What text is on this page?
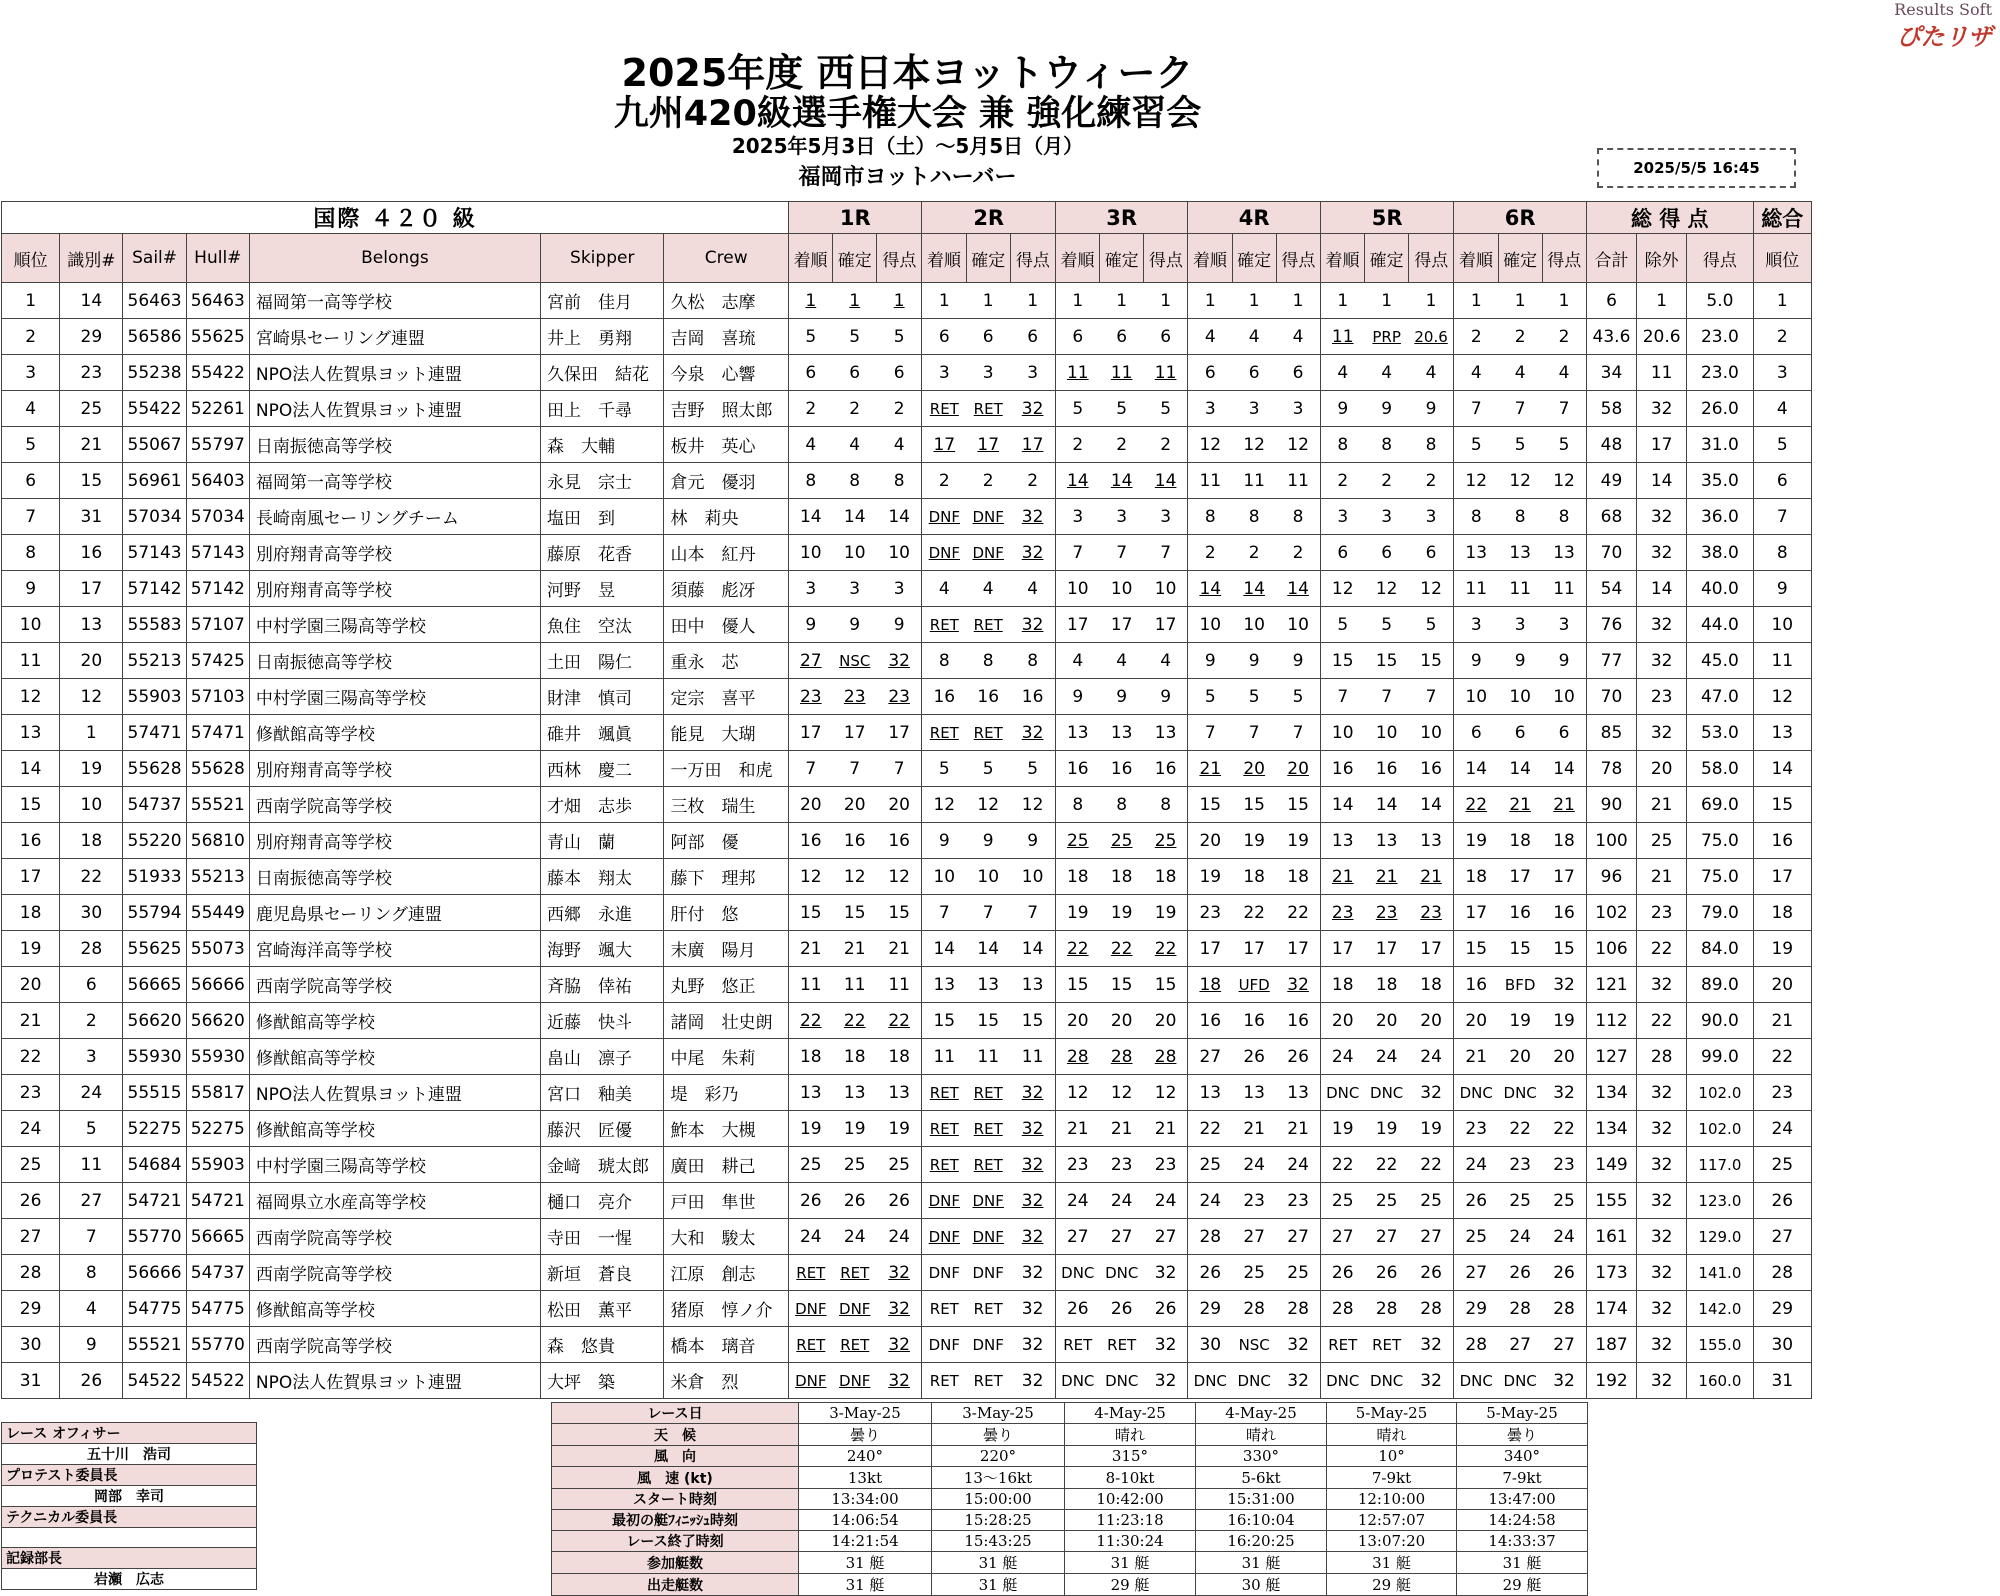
2025年度 西日本ヨットウィーク
九州420級選手権大会 兼 強化練習会
2025年5月3日（土）～5月5日（月）
福岡市ヨットハーバー
Results Soft
ぴたリザ
2025/5/5 16:45
国際 ４２０ 級							1R			2R			3R			4R			5R			6R			総 得 点			総合
順位	識別#	Sail#	Hull#	Belongs	Skipper	Crew	着順	確定	得点	着順	確定	得点	着順	確定	得点	着順	確定	得点	着順	確定	得点	着順	確定	得点	合計	除外	得点	順位
1	14	56463	56463	福岡第一高等学校	宮前　佳月	久松　志摩	1	1	1	1	1	1	1	1	1	1	1	1	1	1	1	1	1	1	6	1	5.0	1
2	29	56586	55625	宮崎県セーリング連盟	井上　勇翔	吉岡　喜琉	5	5	5	6	6	6	6	6	6	4	4	4	11	PRP	20.6	2	2	2	43.6	20.6	23.0	2
3	23	55238	55422	NPO法人佐賀県ヨット連盟	久保田　結花	今泉　心響	6	6	6	3	3	3	11	11	11	6	6	6	4	4	4	4	4	4	34	11	23.0	3
4	25	55422	52261	NPO法人佐賀県ヨット連盟	田上　千尋	吉野　照太郎	2	2	2	RET	RET	32	5	5	5	3	3	3	9	9	9	7	7	7	58	32	26.0	4
5	21	55067	55797	日南振徳高等学校	森　大輔	板井　英心	4	4	4	17	17	17	2	2	2	12	12	12	8	8	8	5	5	5	48	17	31.0	5
6	15	56961	56403	福岡第一高等学校	永見　宗士	倉元　優羽	8	8	8	2	2	2	14	14	14	11	11	11	2	2	2	12	12	12	49	14	35.0	6
7	31	57034	57034	長崎南風セーリングチーム	塩田　到	林　莉央	14	14	14	DNF	DNF	32	3	3	3	8	8	8	3	3	3	8	8	8	68	32	36.0	7
8	16	57143	57143	別府翔青高等学校	藤原　花香	山本　紅丹	10	10	10	DNF	DNF	32	7	7	7	2	2	2	6	6	6	13	13	13	70	32	38.0	8
9	17	57142	57142	別府翔青高等学校	河野　昱	須藤　彪冴	3	3	3	4	4	4	10	10	10	14	14	14	12	12	12	11	11	11	54	14	40.0	9
10	13	55583	57107	中村学園三陽高等学校	魚住　空汰	田中　優人	9	9	9	RET	RET	32	17	17	17	10	10	10	5	5	5	3	3	3	76	32	44.0	10
11	20	55213	57425	日南振徳高等学校	土田　陽仁	重永　芯	27	NSC	32	8	8	8	4	4	4	9	9	9	15	15	15	9	9	9	77	32	45.0	11
12	12	55903	57103	中村学園三陽高等学校	財津　慎司	定宗　喜平	23	23	23	16	16	16	9	9	9	5	5	5	7	7	7	10	10	10	70	23	47.0	12
13	1	57471	57471	修猷館高等学校	碓井　颯眞	能見　大瑚	17	17	17	RET	RET	32	13	13	13	7	7	7	10	10	10	6	6	6	85	32	53.0	13
14	19	55628	55628	別府翔青高等学校	西林　慶二	一万田　和虎	7	7	7	5	5	5	16	16	16	21	20	20	16	16	16	14	14	14	78	20	58.0	14
15	10	54737	55521	西南学院高等学校	才畑　志歩	三枚　瑞生	20	20	20	12	12	12	8	8	8	15	15	15	14	14	14	22	21	21	90	21	69.0	15
16	18	55220	56810	別府翔青高等学校	青山　蘭	阿部　優	16	16	16	9	9	9	25	25	25	20	19	19	13	13	13	19	18	18	100	25	75.0	16
17	22	51933	55213	日南振徳高等学校	藤本　翔太	藤下　理邦	12	12	12	10	10	10	18	18	18	19	18	18	21	21	21	18	17	17	96	21	75.0	17
18	30	55794	55449	鹿児島県セーリング連盟	西郷　永進	肝付　悠	15	15	15	7	7	7	19	19	19	23	22	22	23	23	23	17	16	16	102	23	79.0	18
19	28	55625	55073	宮崎海洋高等学校	海野　颯大	末廣　陽月	21	21	21	14	14	14	22	22	22	17	17	17	17	17	17	15	15	15	106	22	84.0	19
20	6	56665	56666	西南学院高等学校	斉脇　倖祐	丸野　悠正	11	11	11	13	13	13	15	15	15	18	UFD	32	18	18	18	16	BFD	32	121	32	89.0	20
21	2	56620	56620	修猷館高等学校	近藤　快斗	諸岡　壮史朗	22	22	22	15	15	15	20	20	20	16	16	16	20	20	20	20	19	19	112	22	90.0	21
22	3	55930	55930	修猷館高等学校	畠山　凛子	中尾　朱莉	18	18	18	11	11	11	28	28	28	27	26	26	24	24	24	21	20	20	127	28	99.0	22
23	24	55515	55817	NPO法人佐賀県ヨット連盟	宮口　釉美	堤　彩乃	13	13	13	RET	RET	32	12	12	12	13	13	13	DNC	DNC	32	DNC	DNC	32	134	32	102.0	23
24	5	52275	52275	修猷館高等学校	藤沢　匠優	鮓本　大槻	19	19	19	RET	RET	32	21	21	21	22	21	21	19	19	19	23	22	22	134	32	102.0	24
25	11	54684	55903	中村学園三陽高等学校	金﨑　琥太郎	廣田　耕己	25	25	25	RET	RET	32	23	23	23	25	24	24	22	22	22	24	23	23	149	32	117.0	25
26	27	54721	54721	福岡県立水産高等学校	樋口　亮介	戸田　隼世	26	26	26	DNF	DNF	32	24	24	24	24	23	23	25	25	25	26	25	25	155	32	123.0	26
27	7	55770	56665	西南学院高等学校	寺田　一惺	大和　駿太	24	24	24	DNF	DNF	32	27	27	27	28	27	27	27	27	27	25	24	24	161	32	129.0	27
28	8	56666	54737	西南学院高等学校	新垣　蒼良	江原　創志	RET	RET	32	DNF	DNF	32	DNC	DNC	32	26	25	25	26	26	26	27	26	26	173	32	141.0	28
29	4	54775	54775	修猷館高等学校	松田　薫平	猪原　惇ノ介	DNF	DNF	32	RET	RET	32	26	26	26	29	28	28	28	28	28	29	28	28	174	32	142.0	29
30	9	55521	55770	西南学院高等学校	森　悠貴	橋本　璃音	RET	RET	32	DNF	DNF	32	RET	RET	32	30	NSC	32	RET	RET	32	28	27	27	187	32	155.0	30
31	26	54522	54522	NPO法人佐賀県ヨット連盟	大坪　築	米倉　烈	DNF	DNF	32	RET	RET	32	DNC	DNC	32	DNC	DNC	32	DNC	DNC	32	DNC	DNC	32	192	32	160.0	31
レース オフィサー
五十川　浩司
プロテスト委員長
岡部　幸司
テクニカル委員長

記録部長
岩瀬　広志
レース日	3-May-25	3-May-25	4-May-25	4-May-25	5-May-25	5-May-25
天　候	曇り	曇り	晴れ	晴れ	晴れ	曇り
風　向	240°	220°	315°	330°	10°	340°
風　速 (kt)	13kt	13～16kt	8-10kt	5-6kt	7-9kt	7-9kt
スタート時刻	13:34:00	15:00:00	10:42:00	15:31:00	12:10:00	13:47:00
最初の艇ﾌｨﾆｯｼｭ時刻	14:06:54	15:28:25	11:23:18	16:10:04	12:57:07	14:24:58
レース終了時刻	14:21:54	15:43:25	11:30:24	16:20:25	13:07:20	14:33:37
参加艇数	31 艇	31 艇	31 艇	31 艇	31 艇	31 艇
出走艇数	31 艇	31 艇	29 艇	30 艇	29 艇	29 艇
